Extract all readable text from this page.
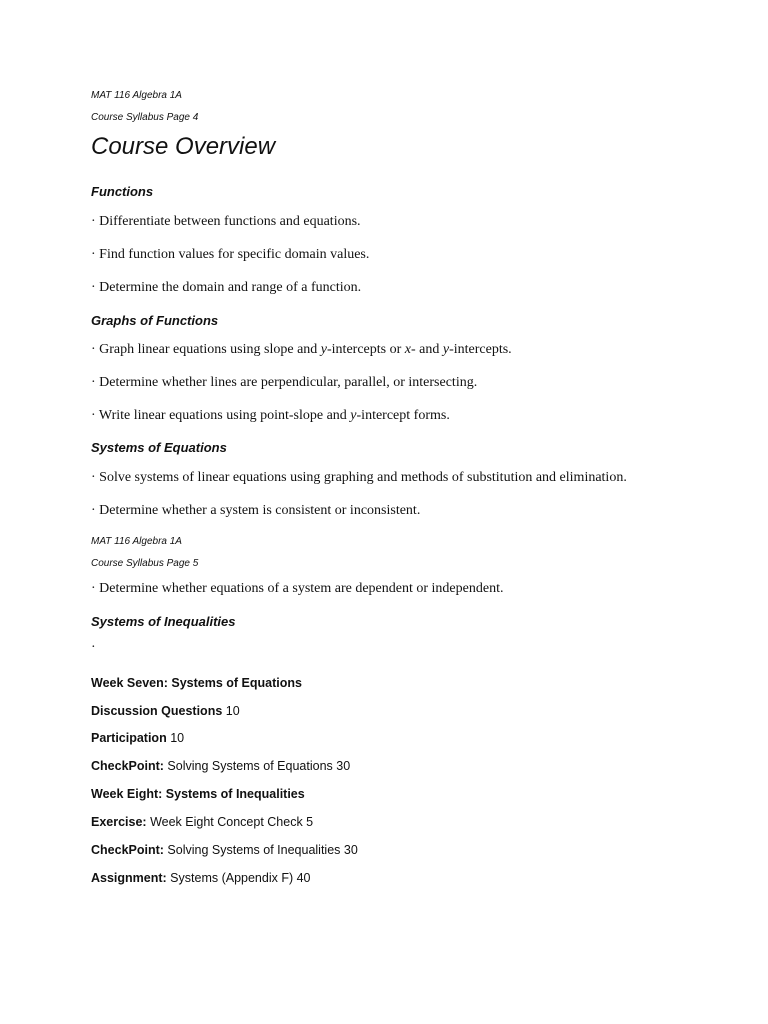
MAT 116 Algebra 1A
Course Syllabus Page 4
Course Overview
Functions
· Differentiate between functions and equations.
· Find function values for specific domain values.
· Determine the domain and range of a function.
Graphs of Functions
· Graph linear equations using slope and y-intercepts or x- and y-intercepts.
· Determine whether lines are perpendicular, parallel, or intersecting.
· Write linear equations using point-slope and y-intercept forms.
Systems of Equations
· Solve systems of linear equations using graphing and methods of substitution and elimination.
· Determine whether a system is consistent or inconsistent.
MAT 116 Algebra 1A
Course Syllabus Page 5
· Determine whether equations of a system are dependent or independent.
Systems of Inequalities
·
Week Seven: Systems of Equations
Discussion Questions 10
Participation 10
CheckPoint: Solving Systems of Equations 30
Week Eight: Systems of Inequalities
Exercise: Week Eight Concept Check 5
CheckPoint: Solving Systems of Inequalities 30
Assignment: Systems (Appendix F) 40
